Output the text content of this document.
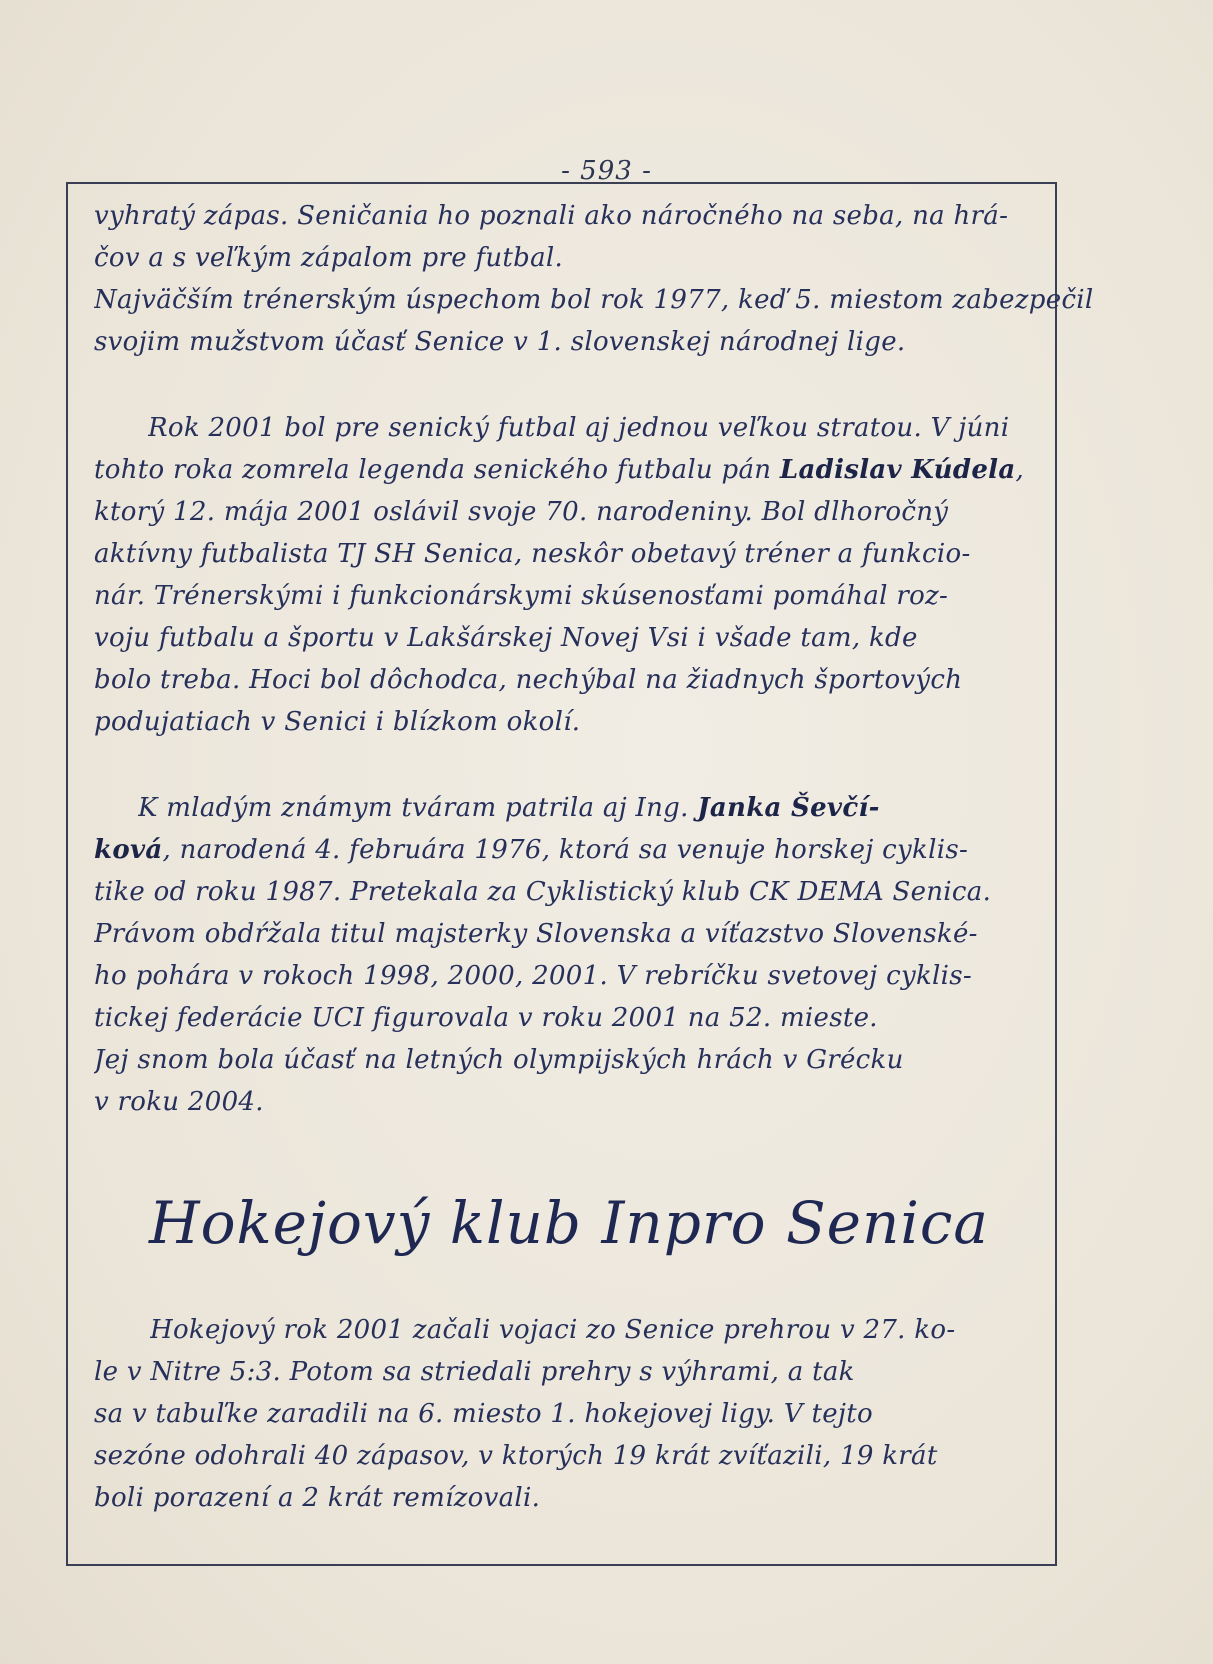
- 593 -
vyhratý zápas. Seničania ho poznali ako náročného na seba, na hrá-
čov a s veľkým zápalom pre futbal.
Najväčším trénerským úspechom bol rok 1977, keď 5. miestom zabezpečil
svojim mužstvom účasť Senice v 1. slovenskej národnej lige.
Rok 2001 bol pre senický futbal aj jednou veľkou stratou. V júni
tohto roka zomrela legenda senického futbalu pán Ladislav Kúdela,
ktorý 12. mája 2001 oslávil svoje 70. narodeniny. Bol dlhoročný
aktívny futbalista TJ SH Senica, neskôr obetavý tréner a funkcio-
nár. Trénerskými i funkcionárskymi skúsenosťami pomáhal roz-
voju futbalu a športu v Lakšárskej Novej Vsi i všade tam, kde
bolo treba. Hoci bol dôchodca, nechýbal na žiadnych športových
podujatiach v Senici i blízkom okolí.
K mladým známym tváram patrila aj Ing. Janka Ševčí-
ková, narodená 4. februára 1976, ktorá sa venuje horskej cyklis-
tike od roku 1987. Pretekala za Cyklistický klub CK DEMA Senica.
Právom obdŕžala titul majsterky Slovenska a víťazstvo Slovenské-
ho pohára v rokoch 1998, 2000, 2001. V rebríčku svetovej cyklis-
tickej federácie UCI figurovala v roku 2001 na 52. mieste.
Jej snom bola účasť na letných olympijských hrách v Grécku
v roku 2004.
Hokejový klub Inpro Senica
Hokejový rok 2001 začali vojaci zo Senice prehrou v 27. ko-
le v Nitre 5:3. Potom sa striedali prehry s výhrami, a tak
sa v tabuľke zaradili na 6. miesto 1. hokejovej ligy. V tejto
sezóne odohrali 40 zápasov, v ktorých 19 krát zvíťazili, 19 krát
boli porazení a 2 krát remízovali.
